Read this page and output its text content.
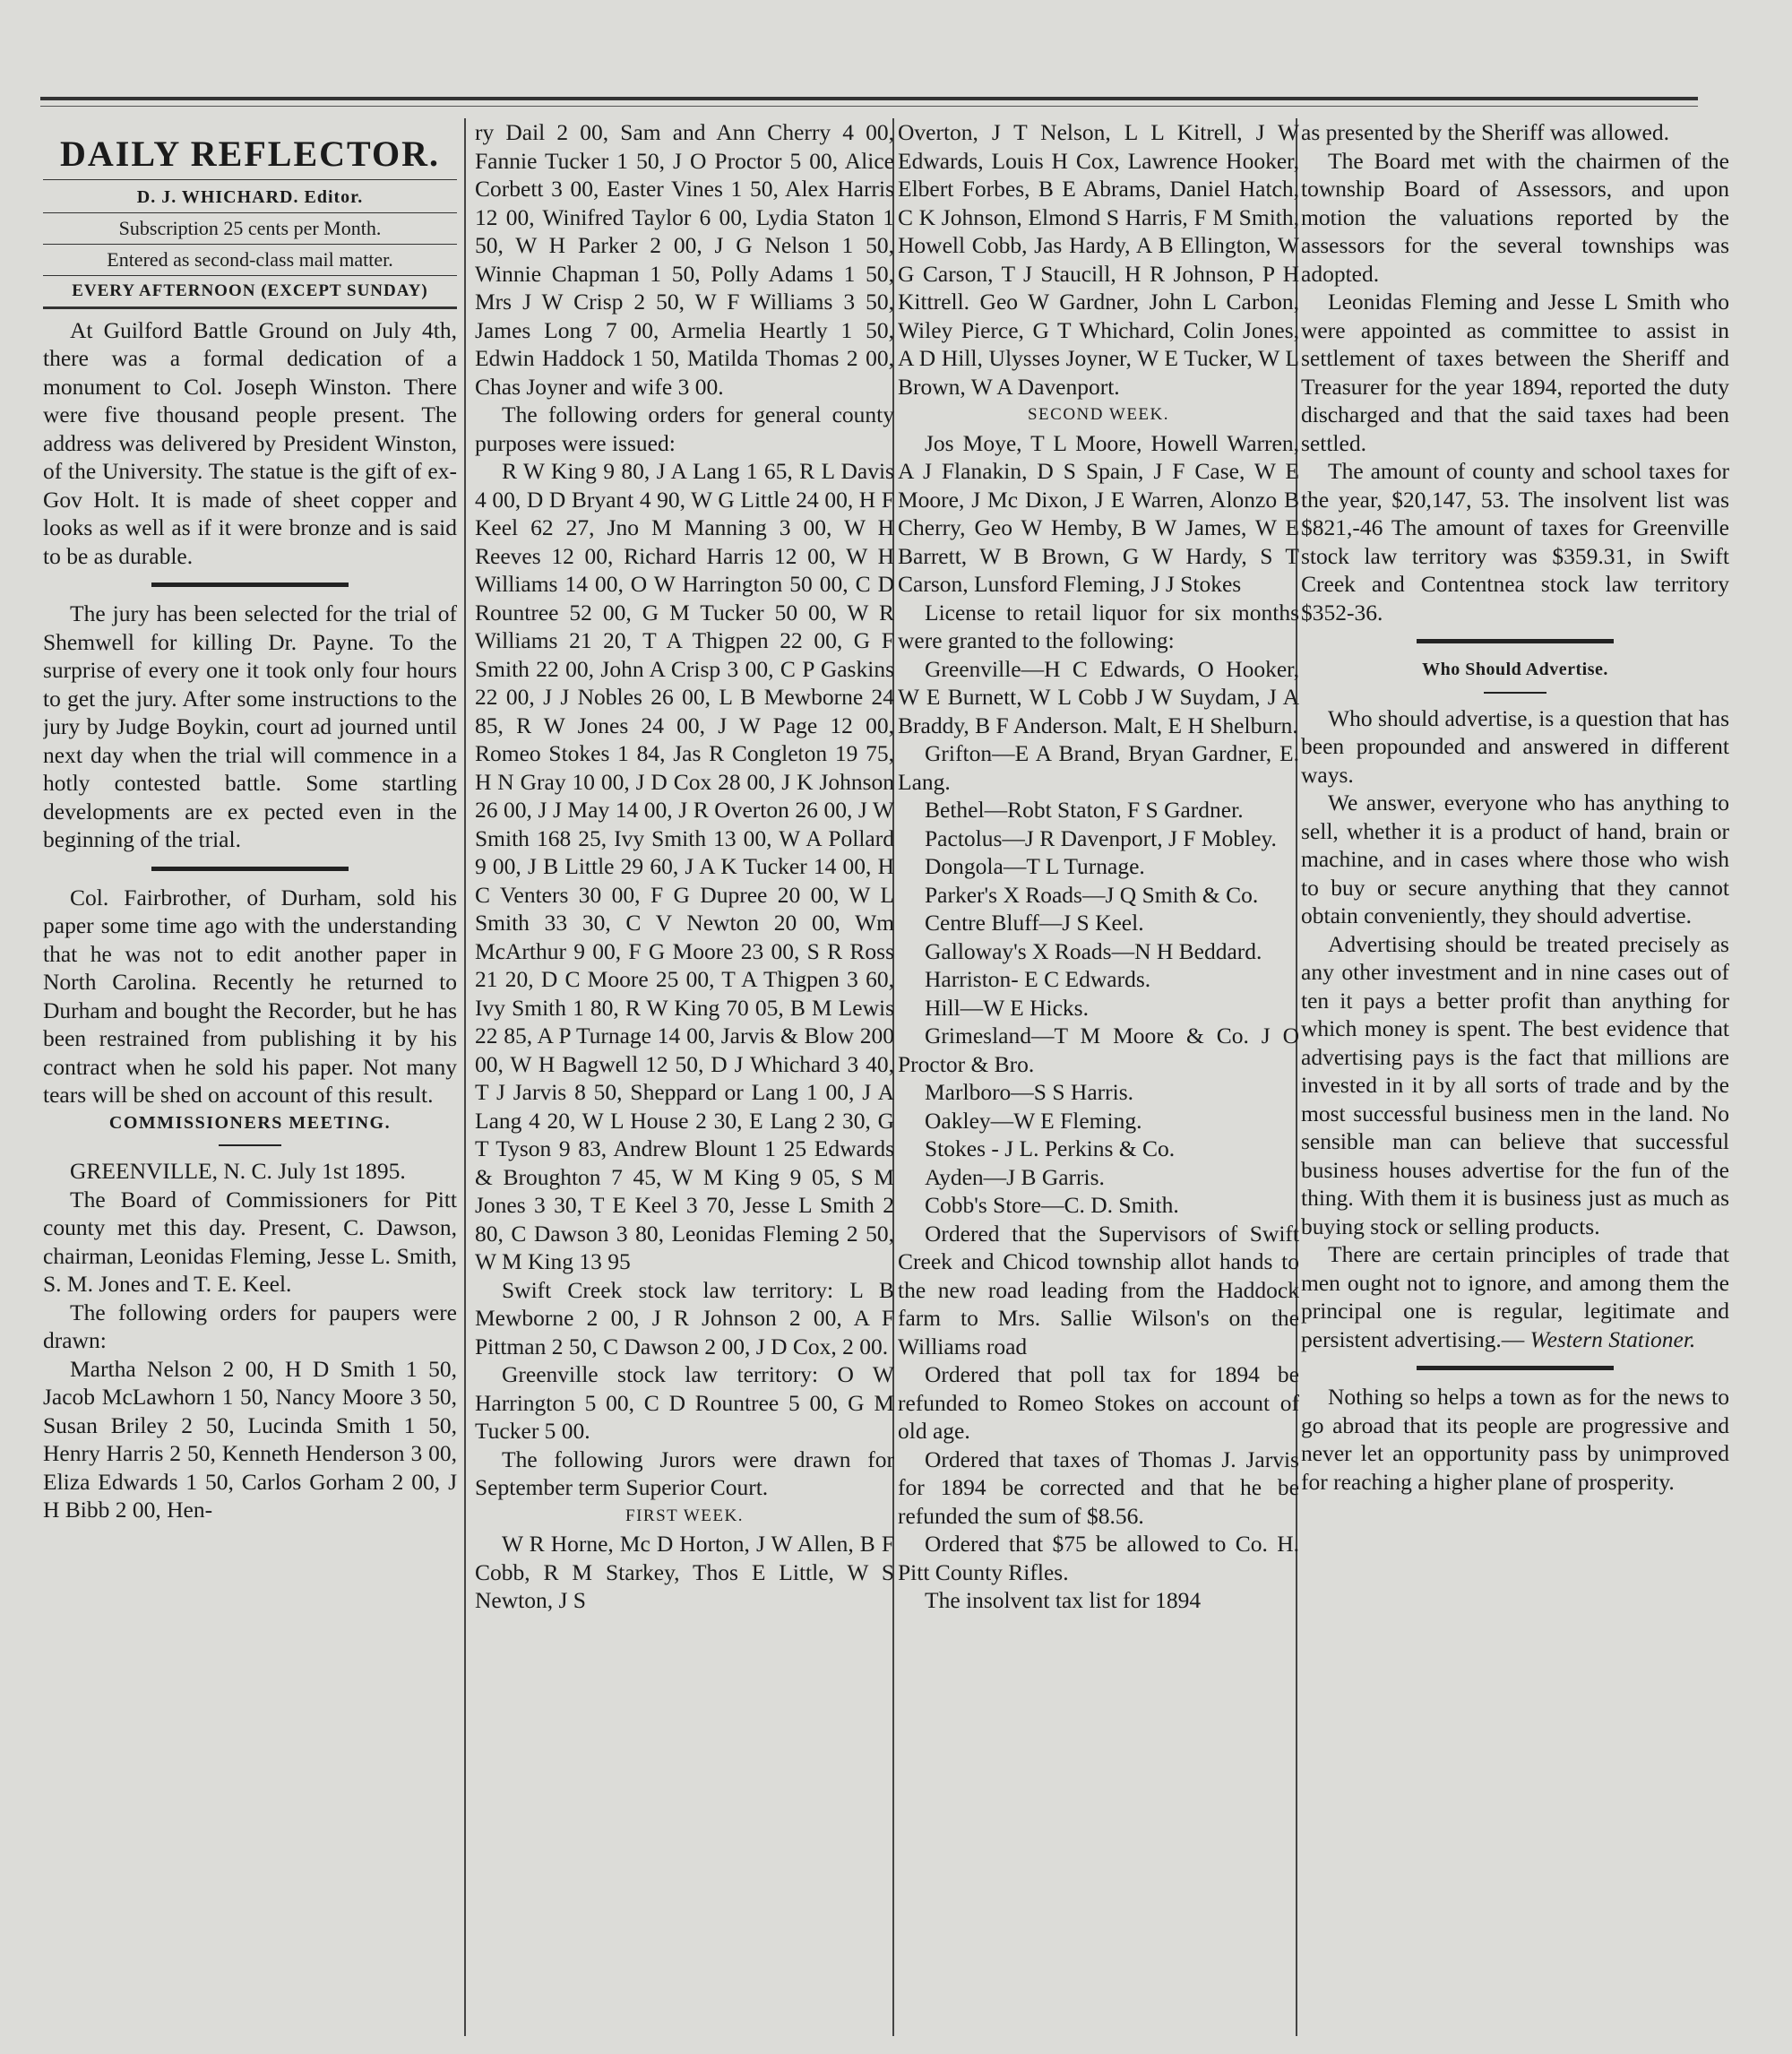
DAILY REFLECTOR.
D. J. WHICHARD. Editor.
Subscription 25 cents per Month.
Entered as second-class mail matter.
EVERY AFTERNOON (EXCEPT SUNDAY)

At Guilford Battle Ground on July 4th, there was a formal dedication of a monument to Col. Joseph Winston. There were five thousand people present. The address was delivered by President Winston, of the University. The statue is the gift of ex-Gov Holt. It is made of sheet copper and looks as well as if it were bronze and is said to be as durable.

The jury has been selected for the trial of Shemwell for killing Dr. Payne. To the surprise of every one it took only four hours to get the jury. After some instructions to the jury by Judge Boykin, court ad journed until next day when the trial will commence in a hotly contested battle. Some startling developments are ex pected even in the beginning of the trial.

Col. Fairbrother, of Durham, sold his paper some time ago with the understanding that he was not to edit another paper in North Carolina. Recently he returned to Durham and bought the Recorder, but he has been restrained from publishing it by his contract when he sold his paper. Not many tears will be shed on account of this result.

COMMISSIONERS MEETING.

GREENVILLE, N. C. July 1st 1895.

The Board of Commissioners for Pitt county met this day. Present, C. Dawson, chairman, Leonidas Fleming, Jesse L. Smith, S. M. Jones and T. E. Keel.

The following orders for paupers were drawn:

Martha Nelson 2 00, H D Smith 1 50, Jacob McLawhorn 1 50, Nancy Moore 3 50, Susan Briley 2 50, Lucinda Smith 1 50, Henry Harris 2 50, Kenneth Henderson 3 00, Eliza Edwards 1 50, Carlos Gorham 2 00, J H Bibb 2 00, Hen-

ry Dail 2 00, Sam and Ann Cherry 4 00, Fannie Tucker 1 50, J O Proctor 5 00, Alice Corbett 3 00, Easter Vines 1 50, Alex Harris 12 00, Winifred Taylor 6 00, Lydia Staton 1 50, W H Parker 2 00, J G Nelson 1 50, Winnie Chapman 1 50, Polly Adams 1 50, Mrs J W Crisp 2 50, W F Williams 3 50, James Long 7 00, Armelia Heartly 1 50, Edwin Haddock 1 50, Matilda Thomas 2 00, Chas Joyner and wife 3 00.

The following orders for general county purposes were issued:

R W King 9 80, J A Lang 1 65, R L Davis 4 00, D D Bryant 4 90, W G Little 24 00, H F Keel 62 27, Jno M Manning 3 00, W H Reeves 12 00, Richard Harris 12 00, W H Williams 14 00, O W Harrington 50 00, C D Rountree 52 00, G M Tucker 50 00, W R Williams 21 20, T A Thigpen 22 00, G F Smith 22 00, John A Crisp 3 00, C P Gaskins 22 00, J J Nobles 26 00, L B Mewborne 24 85, R W Jones 24 00, J W Page 12 00, Romeo Stokes 1 84, Jas R Congleton 19 75, H N Gray 10 00, J D Cox 28 00, J K Johnson 26 00, J J May 14 00, J R Overton 26 00, J W Smith 168 25, Ivy Smith 13 00, W A Pollard 9 00, J B Little 29 60, J A K Tucker 14 00, H C Venters 30 00, F G Dupree 20 00, W L Smith 33 30, C V Newton 20 00, Wm McArthur 9 00, F G Moore 23 00, S R Ross 21 20, D C Moore 25 00, T A Thigpen 3 60, Ivy Smith 1 80, R W King 70 05, B M Lewis 22 85, A P Turnage 14 00, Jarvis & Blow 200 00, W H Bagwell 12 50, D J Whichard 3 40, T J Jarvis 8 50, Sheppard or Lang 1 00, J A Lang 4 20, W L House 2 30, E Lang 2 30, G T Tyson 9 83, Andrew Blount 1 25 Edwards & Broughton 7 45, W M King 9 05, S M Jones 3 30, T E Keel 3 70, Jesse L Smith 2 80, C Dawson 3 80, Leonidas Fleming 2 50, W M King 13 95

Swift Creek stock law territory: L B Mewborne 2 00, J R Johnson 2 00, A F Pittman 2 50, C Dawson 2 00, J D Cox, 2 00.

Greenville stock law territory: O W Harrington 5 00, C D Rountree 5 00, G M Tucker 5 00.

The following Jurors were drawn for September term Superior Court.

FIRST WEEK.

W R Horne, Mc D Horton, J W Allen, B F Cobb, R M Starkey, Thos E Little, W S Newton, J S

Overton, J T Nelson, L L Kitrell, J W Edwards, Louis H Cox, Lawrence Hooker, Elbert Forbes, B E Abrams, Daniel Hatch, C K Johnson, Elmond S Harris, F M Smith, Howell Cobb, Jas Hardy, A B Ellington, W G Carson, T J Staucill, H R Johnson, P H Kittrell. Geo W Gardner, John L Carbon, Wiley Pierce, G T Whichard, Colin Jones, A D Hill, Ulysses Joyner, W E Tucker, W L Brown, W A Davenport.

SECOND WEEK.

Jos Moye, T L Moore, Howell Warren, A J Flanakin, D S Spain, J F Case, W E Moore, J Mc Dixon, J E Warren, Alonzo B Cherry, Geo W Hemby, B W James, W E Barrett, W B Brown, G W Hardy, S T Carson, Lunsford Fleming, J J Stokes

License to retail liquor for six months were granted to the following:

Greenville—H C Edwards, O Hooker, W E Burnett, W L Cobb J W Suydam, J A Braddy, B F Anderson. Malt, E H Shelburn.

Grifton—E A Brand, Bryan Gardner, E. Lang.

Bethel—Robt Staton, F S Gardner.

Pactolus—J R Davenport, J F Mobley.

Dongola—T L Turnage.

Parker's X Roads—J Q Smith & Co.

Centre Bluff—J S Keel.

Galloway's X Roads—N H Beddard.

Harriston- E C Edwards.

Hill—W E Hicks.

Grimesland—T M Moore & Co. J O Proctor & Bro.

Marlboro—S S Harris.

Oakley—W E Fleming.

Stokes - J L. Perkins & Co.

Ayden—J B Garris.

Cobb's Store—C. D. Smith.

Ordered that the Supervisors of Swift Creek and Chicod township allot hands to the new road leading from the Haddock farm to Mrs. Sallie Wilson's on the Williams road

Ordered that poll tax for 1894 be refunded to Romeo Stokes on account of old age.

Ordered that taxes of Thomas J. Jarvis for 1894 be corrected and that he be refunded the sum of $8.56.

Ordered that $75 be allowed to Co. H. Pitt County Rifles.

The insolvent tax list for 1894

as presented by the Sheriff was allowed.

The Board met with the chairmen of the township Board of Assessors, and upon motion the valuations reported by the assessors for the several townships was adopted.

Leonidas Fleming and Jesse L Smith who were appointed as committee to assist in settlement of taxes between the Sheriff and Treasurer for the year 1894, reported the duty discharged and that the said taxes had been settled.

The amount of county and school taxes for the year, $20,147, 53. The insolvent list was $821,-46 The amount of taxes for Greenville stock law territory was $359.31, in Swift Creek and Contentnea stock law territory $352-36.

Who Should Advertise.

Who should advertise, is a question that has been propounded and answered in different ways.

We answer, everyone who has anything to sell, whether it is a product of hand, brain or machine, and in cases where those who wish to buy or secure anything that they cannot obtain conveniently, they should advertise.

Advertising should be treated precisely as any other investment and in nine cases out of ten it pays a better profit than anything for which money is spent. The best evidence that advertising pays is the fact that millions are invested in it by all sorts of trade and by the most successful business men in the land. No sensible man can believe that successful business houses advertise for the fun of the thing. With them it is business just as much as buying stock or selling products.

There are certain principles of trade that men ought not to ignore, and among them the principal one is regular, legitimate and persistent advertising.— Western Stationer.

Nothing so helps a town as for the news to go abroad that its people are progressive and never let an opportunity pass by unimproved for reaching a higher plane of prosperity.
